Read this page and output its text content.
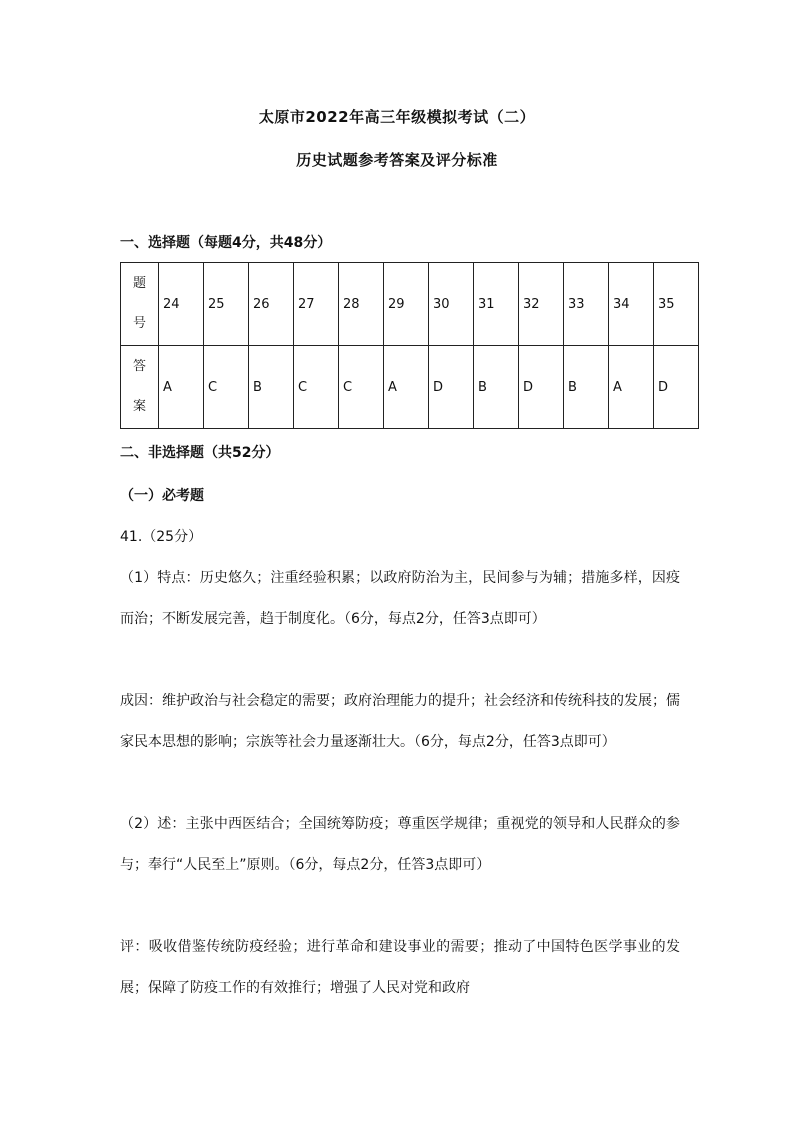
太原市2022年高三年级模拟考试（二）
历史试题参考答案及评分标准
一、选择题（每题4分，共48分）
题
号	24	25	26	27	28	29	30	31	32	33	34	35

答
案	A	C	B	C	C	A	D	B	D	B	A	D
二、非选择题（共52分）
（一）必考题
41.（25分）
（1）特点：历史悠久；注重经验积累；以政府防治为主，民间参与为辅；措施多样，因疫而治；不断发展完善，趋于制度化。（6分，每点2分，任答3点即可）
成因：维护政治与社会稳定的需要；政府治理能力的提升；社会经济和传统科技的发展；儒家民本思想的影响；宗族等社会力量逐渐壮大。（6分，每点2分，任答3点即可）
（2）述：主张中西医结合；全国统筹防疫；尊重医学规律；重视党的领导和人民群众的参与；奉行“人民至上”原则。（6分，每点2分，任答3点即可）
评：吸收借鉴传统防疫经验；进行革命和建设事业的需要；推动了中国特色医学事业的发展；保障了防疫工作的有效推行；增强了人民对党和政府
